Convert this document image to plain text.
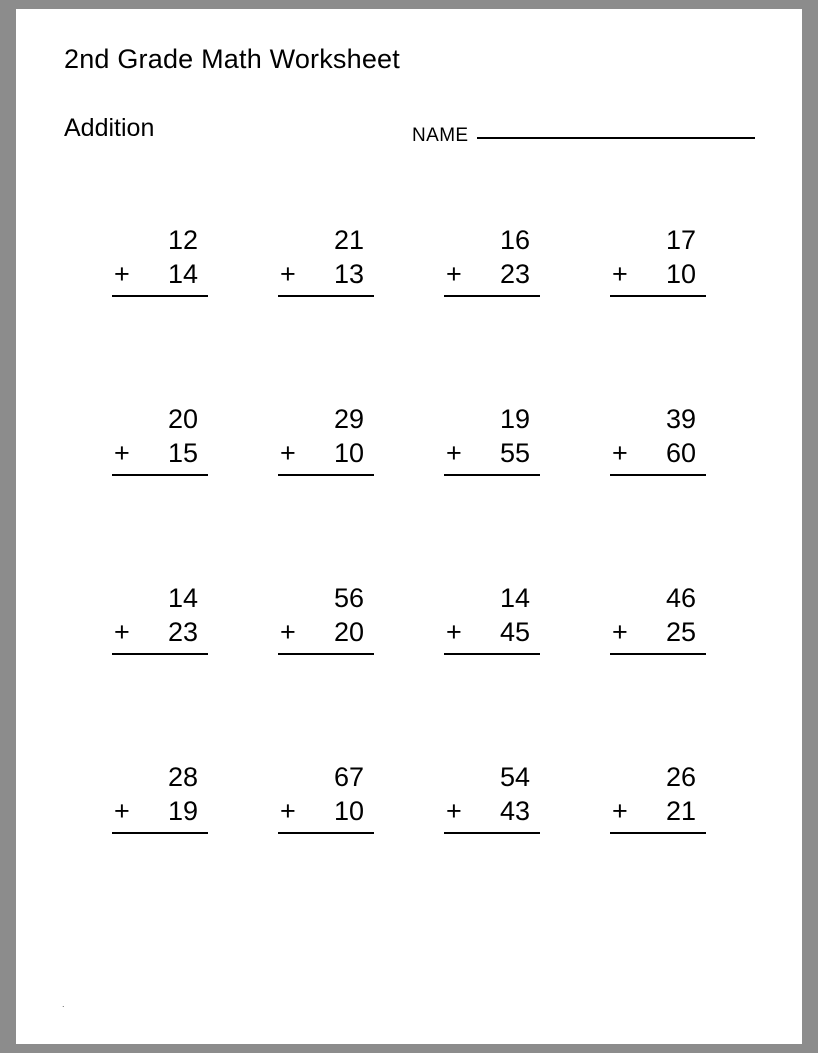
2nd Grade Math Worksheet
Addition	NAME
12
+ 14
21
+ 13
16
+ 23
17
+ 10
20
+ 15
29
+ 10
19
+ 55
39
+ 60
14
+ 23
56
+ 20
14
+ 45
46
+ 25
28
+ 19
67
+ 10
54
+ 43
26
+ 21
.
